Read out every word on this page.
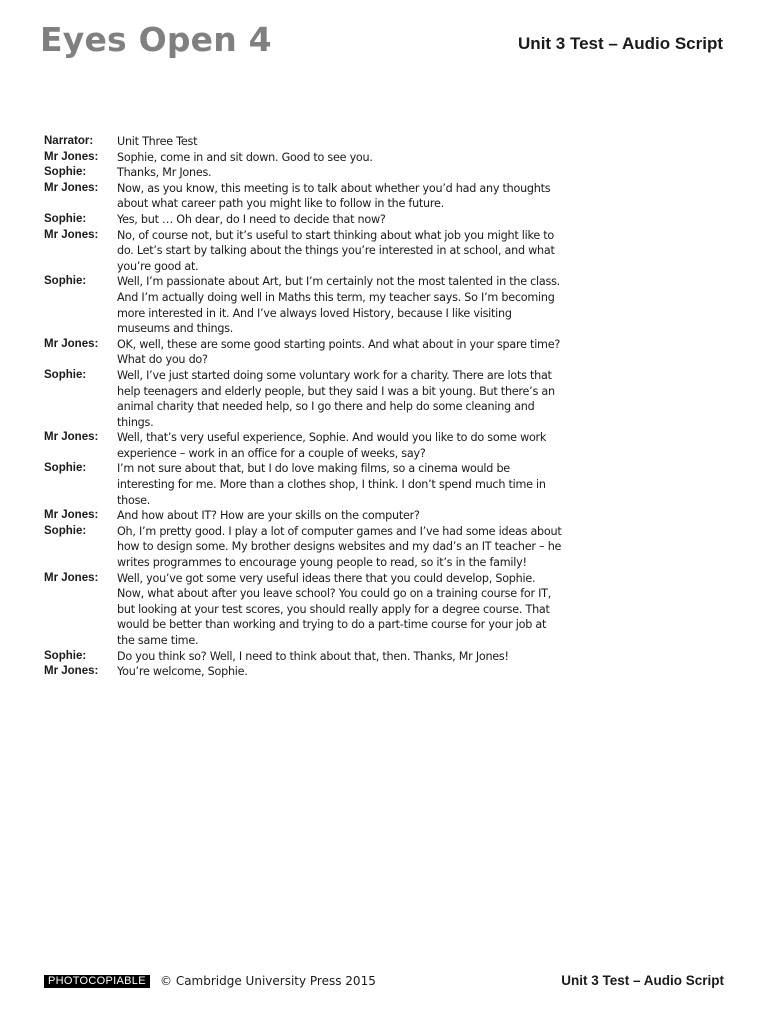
Eyes Open 4	Unit 3 Test – Audio Script
Narrator:	Unit Three Test
Mr Jones:	Sophie, come in and sit down. Good to see you.
Sophie:	Thanks, Mr Jones.
Mr Jones:	Now, as you know, this meeting is to talk about whether you’d had any thoughts about what career path you might like to follow in the future.
Sophie:	Yes, but … Oh dear, do I need to decide that now?
Mr Jones:	No, of course not, but it’s useful to start thinking about what job you might like to do. Let’s start by talking about the things you’re interested in at school, and what you’re good at.
Sophie:	Well, I’m passionate about Art, but I’m certainly not the most talented in the class. And I’m actually doing well in Maths this term, my teacher says. So I’m becoming more interested in it. And I’ve always loved History, because I like visiting museums and things.
Mr Jones:	OK, well, these are some good starting points. And what about in your spare time? What do you do?
Sophie:	Well, I’ve just started doing some voluntary work for a charity. There are lots that help teenagers and elderly people, but they said I was a bit young. But there’s an animal charity that needed help, so I go there and help do some cleaning and things.
Mr Jones:	Well, that’s very useful experience, Sophie. And would you like to do some work experience – work in an office for a couple of weeks, say?
Sophie:	I’m not sure about that, but I do love making films, so a cinema would be interesting for me. More than a clothes shop, I think. I don’t spend much time in those.
Mr Jones:	And how about IT? How are your skills on the computer?
Sophie:	Oh, I’m pretty good. I play a lot of computer games and I’ve had some ideas about how to design some. My brother designs websites and my dad’s an IT teacher – he writes programmes to encourage young people to read, so it’s in the family!
Mr Jones:	Well, you’ve got some very useful ideas there that you could develop, Sophie. Now, what about after you leave school? You could go on a training course for IT, but looking at your test scores, you should really apply for a degree course. That would be better than working and trying to do a part-time course for your job at the same time.
Sophie:	Do you think so? Well, I need to think about that, then. Thanks, Mr Jones!
Mr Jones:	You’re welcome, Sophie.
PHOTOCOPIABLE	© Cambridge University Press 2015	Unit 3 Test – Audio Script
